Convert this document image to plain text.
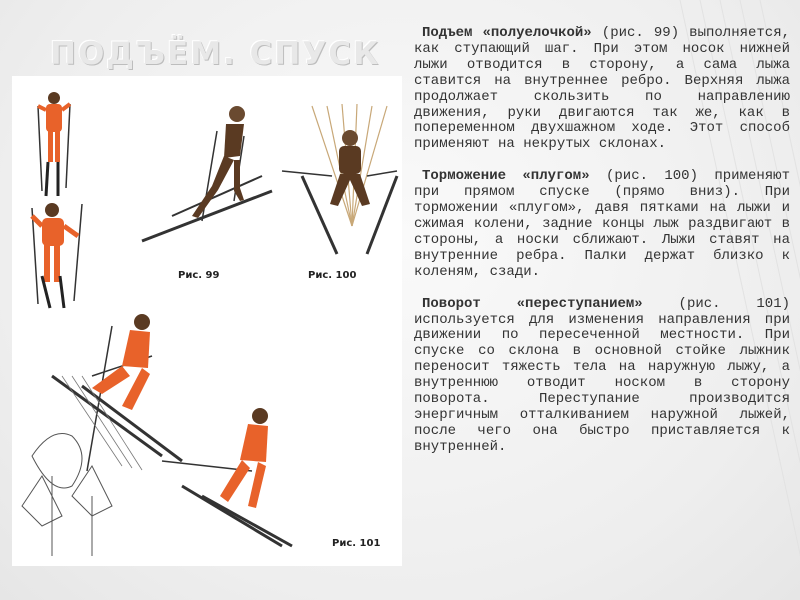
ПОДЪЁМ. СПУСК
Рис. 99	Рис. 100
Рис. 101

Подъем «полуелочкой» (рис. 99) выполняется, как ступающий шаг. При этом носок нижней лыжи отводится в сторону, а сама лыжа ставится на внутреннее ребро. Верхняя лыжа продолжает скользить по направлению движения, руки двигаются так же, как в попеременном двухшажном ходе. Этот способ применяют на некрутых склонах.

Торможение «плугом» (рис. 100) применяют при прямом спуске (прямо вниз). При торможении «плугом», давя пятками на лыжи и сжимая колени, задние концы лыж раздвигают в стороны, а носки сближают. Лыжи ставят на внутренние ребра. Палки держат близко к коленям, сзади.

Поворот «переступанием» (рис. 101) используется для изменения направления при движении по пересеченной местности. При спуске со склона в основной стойке лыжник переносит тяжесть тела на наружную лыжу, а внутреннюю отводит носком в сторону поворота. Переступание производится энергичным отталкиванием наружной лыжей, после чего она быстро приставляется к внутренней.
